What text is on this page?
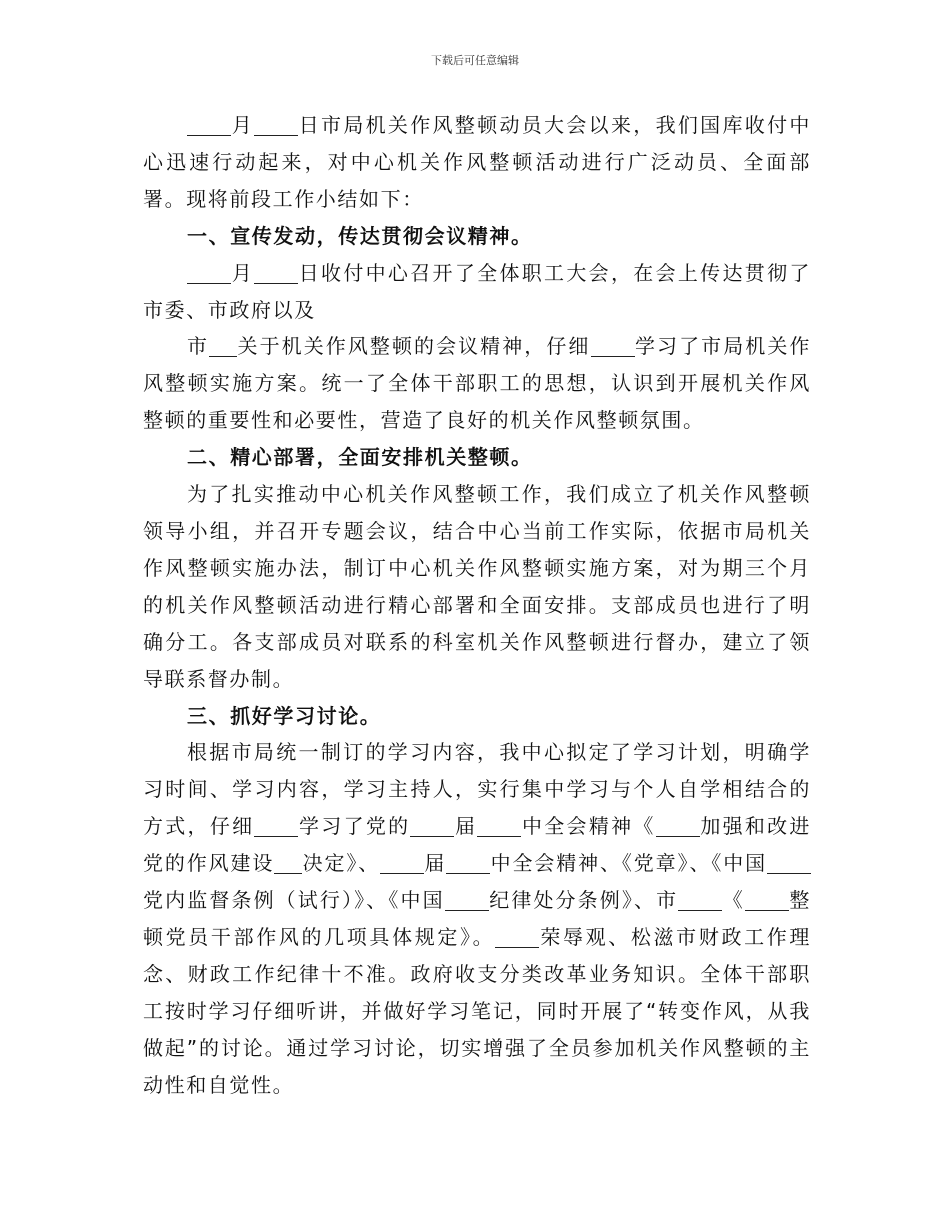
下载后可任意编辑

月 日市局机关作风整顿动员大会以来，我们国库收付中心迅速行动起来，对中心机关作风整顿活动进行广泛动员、全面部署。现将前段工作小结如下：

一、宣传发动，传达贯彻会议精神。

月 日收付中心召开了全体职工大会，在会上传达贯彻了市委、市政府以及

市 关于机关作风整顿的会议精神，仔细 学习了市局机关作风整顿实施方案。统一了全体干部职工的思想，认识到开展机关作风整顿的重要性和必要性，营造了良好的机关作风整顿氛围。

二、精心部署，全面安排机关整顿。

为了扎实推动中心机关作风整顿工作，我们成立了机关作风整顿领导小组，并召开专题会议，结合中心当前工作实际，依据市局机关作风整顿实施办法，制订中心机关作风整顿实施方案，对为期三个月的机关作风整顿活动进行精心部署和全面安排。支部成员也进行了明确分工。各支部成员对联系的科室机关作风整顿进行督办，建立了领导联系督办制。

三、抓好学习讨论。

根据市局统一制订的学习内容，我中心拟定了学习计划，明确学习时间、学习内容，学习主持人，实行集中学习与个人自学相结合的方式，仔细 学习了党的 届 中全会精神《 加强和改进党的作风建设 决定》、 届 中全会精神、《党章》、《中国党内监督条例（试行）》、《中国 纪律处分条例》、市 《 整顿党员干部作风的几项具体规定》。 荣辱观、松滋市财政工作理念、财政工作纪律十不准。政府收支分类改革业务知识。全体干部职工按时学习仔细听讲，并做好学习笔记，同时开展了“转变作风，从我做起”的讨论。通过学习讨论，切实增强了全员参加机关作风整顿的主动性和自觉性。
